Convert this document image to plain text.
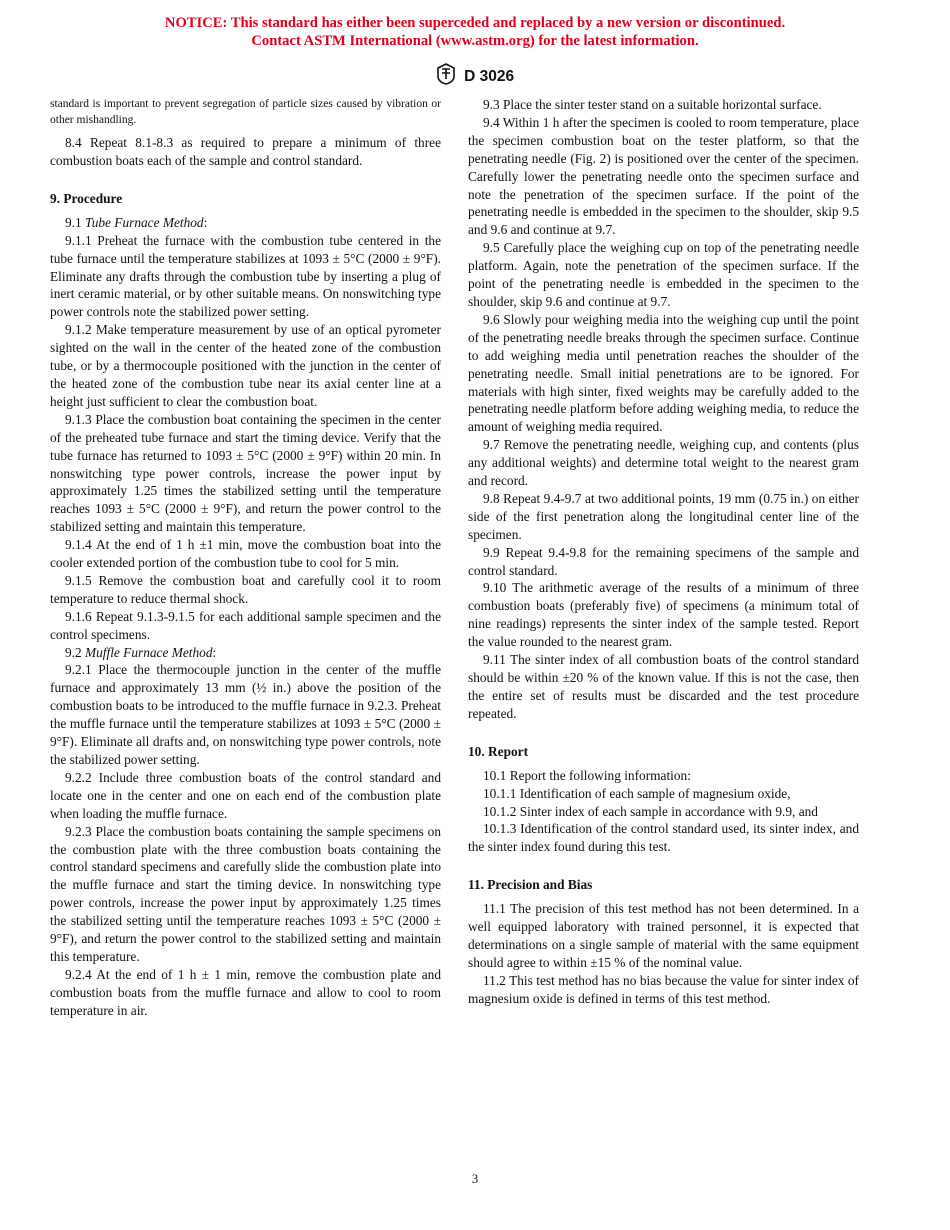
NOTICE: This standard has either been superceded and replaced by a new version or discontinued.
Contact ASTM International (www.astm.org) for the latest information.
D 3026

standard is important to prevent segregation of particle sizes caused by vibration or other mishandling.

8.4 Repeat 8.1-8.3 as required to prepare a minimum of three combustion boats each of the sample and control standard.

9. Procedure

9.1 Tube Furnace Method:

9.1.1 Preheat the furnace with the combustion tube centered in the tube furnace until the temperature stabilizes at 1093 ± 5°C (2000 ± 9°F). Eliminate any drafts through the combustion tube by inserting a plug of inert ceramic material, or by other suitable means. On nonswitching type power controls note the stabilized power setting.

9.1.2 Make temperature measurement by use of an optical pyrometer sighted on the wall in the center of the heated zone of the combustion tube, or by a thermocouple positioned with the junction in the center of the heated zone of the combustion tube near its axial center line at a height just sufficient to clear the combustion boat.

9.1.3 Place the combustion boat containing the specimen in the center of the preheated tube furnace and start the timing device. Verify that the tube furnace has returned to 1093 ± 5°C (2000 ± 9°F) within 20 min. In nonswitching type power controls, increase the power input by approximately 1.25 times the stabilized setting until the temperature reaches 1093 ± 5°C (2000 ± 9°F), and return the power control to the stabilized setting and maintain this temperature.

9.1.4 At the end of 1 h ±1 min, move the combustion boat into the cooler extended portion of the combustion tube to cool for 5 min.

9.1.5 Remove the combustion boat and carefully cool it to room temperature to reduce thermal shock.

9.1.6 Repeat 9.1.3-9.1.5 for each additional sample specimen and the control specimens.

9.2 Muffle Furnace Method:

9.2.1 Place the thermocouple junction in the center of the muffle furnace and approximately 13 mm (½ in.) above the position of the combustion boats to be introduced to the muffle furnace in 9.2.3. Preheat the muffle furnace until the temperature stabilizes at 1093 ± 5°C (2000 ± 9°F). Eliminate all drafts and, on nonswitching type power controls, note the stabilized power setting.

9.2.2 Include three combustion boats of the control standard and locate one in the center and one on each end of the combustion plate when loading the muffle furnace.

9.2.3 Place the combustion boats containing the sample specimens on the combustion plate with the three combustion boats containing the control standard specimens and carefully slide the combustion plate into the muffle furnace and start the timing device. In nonswitching type power controls, increase the power input by approximately 1.25 times the stabilized setting until the temperature reaches 1093 ± 5°C (2000 ± 9°F), and return the power control to the stabilized setting and maintain this temperature.

9.2.4 At the end of 1 h ± 1 min, remove the combustion plate and combustion boats from the muffle furnace and allow to cool to room temperature in air.

9.3 Place the sinter tester stand on a suitable horizontal surface.

9.4 Within 1 h after the specimen is cooled to room temperature, place the specimen combustion boat on the tester platform, so that the penetrating needle (Fig. 2) is positioned over the center of the specimen. Carefully lower the penetrating needle onto the specimen surface and note the penetration of the specimen surface. If the point of the penetrating needle is embedded in the specimen to the shoulder, skip 9.5 and 9.6 and continue at 9.7.

9.5 Carefully place the weighing cup on top of the penetrating needle platform. Again, note the penetration of the specimen surface. If the point of the penetrating needle is embedded in the specimen to the shoulder, skip 9.6 and continue at 9.7.

9.6 Slowly pour weighing media into the weighing cup until the point of the penetrating needle breaks through the specimen surface. Continue to add weighing media until penetration reaches the shoulder of the penetrating needle. Small initial penetrations are to be ignored. For materials with high sinter, fixed weights may be carefully added to the penetrating needle platform before adding weighing media, to reduce the amount of weighing media required.

9.7 Remove the penetrating needle, weighing cup, and contents (plus any additional weights) and determine total weight to the nearest gram and record.

9.8 Repeat 9.4-9.7 at two additional points, 19 mm (0.75 in.) on either side of the first penetration along the longitudinal center line of the specimen.

9.9 Repeat 9.4-9.8 for the remaining specimens of the sample and control standard.

9.10 The arithmetic average of the results of a minimum of three combustion boats (preferably five) of specimens (a minimum total of nine readings) represents the sinter index of the sample tested. Report the value rounded to the nearest gram.

9.11 The sinter index of all combustion boats of the control standard should be within ±20 % of the known value. If this is not the case, then the entire set of results must be discarded and the test procedure repeated.

10. Report

10.1 Report the following information:

10.1.1 Identification of each sample of magnesium oxide,

10.1.2 Sinter index of each sample in accordance with 9.9, and

10.1.3 Identification of the control standard used, its sinter index, and the sinter index found during this test.

11. Precision and Bias

11.1 The precision of this test method has not been determined. In a well equipped laboratory with trained personnel, it is expected that determinations on a single sample of material with the same equipment should agree to within ±15 % of the nominal value.

11.2 This test method has no bias because the value for sinter index of magnesium oxide is defined in terms of this test method.

3
